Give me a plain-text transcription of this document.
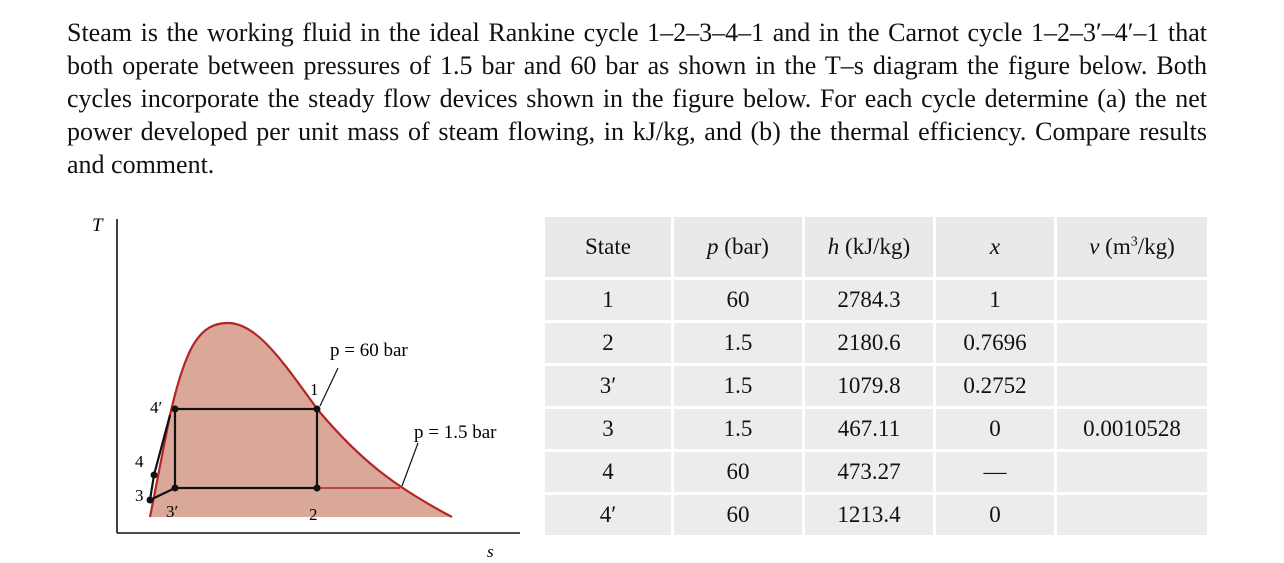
Steam is the working fluid in the ideal Rankine cycle 1–2–3–4–1 and in the Carnot cycle 1–2–3′–4′–1 that both operate between pressures of 1.5 bar and 60 bar as shown in the T–s diagram the figure below. Both cycles incorporate the steady flow devices shown in the figure below. For each cycle determine (a) the net power developed per unit mass of steam flowing, in kJ/kg, and (b) the thermal efficiency. Compare results and comment.

T
s
p = 60 bar
p = 1.5 bar
1
2
4′
4
3
3′
State	p (bar)	h (kJ/kg)	x	v $(m^3/kg)$
1	60	2784.3	1	
2	1.5	2180.6	0.7696	
3′	1.5	1079.8	0.2752	
3	1.5	467.11	0	0.0010528
4	60	473.27	—	
4′	60	1213.4	0	
